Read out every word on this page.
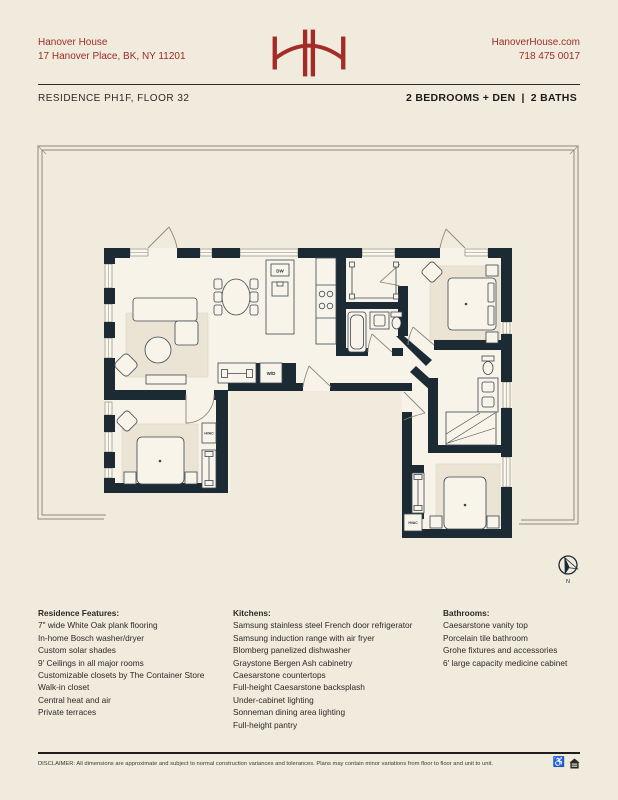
Hanover House
17 Hanover Place, BK, NY 11201
HanoverHouse.com
718 475 0017
RESIDENCE PH1F, FLOOR 32	2 BEDROOMS + DEN | 2 BATHS
DW
W/D
HVAC
HVAC
N
Residence Features:
7" wide White Oak plank flooring
In-home Bosch washer/dryer
Custom solar shades
9' Ceilings in all major rooms
Customizable closets by The Container Store
Walk-in closet
Central heat and air
Private terraces
Kitchens:
Samsung stainless steel French door refrigerator
Samsung induction range with air fryer
Blomberg panelized dishwasher
Graystone Bergen Ash cabinetry
Caesarstone countertops
Full-height Caesarstone backsplash
Under-cabinet lighting
Sonneman dining area lighting
Full-height pantry
Bathrooms:
Caesarstone vanity top
Porcelain tile bathroom
Grohe fixtures and accessories
6' large capacity medicine cabinet
DISCLAIMER: All dimensions are approximate and subject to normal construction variances and tolerances. Plans may contain minor variations from floor to floor and unit to unit.	♿
